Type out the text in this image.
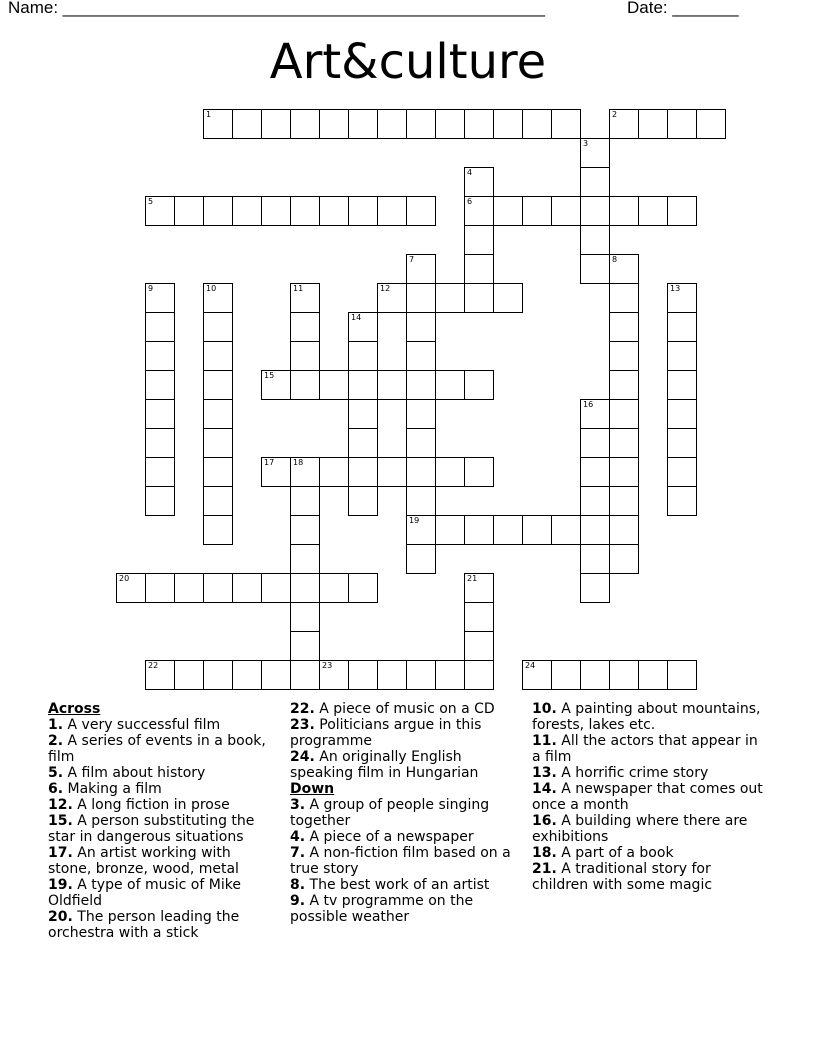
Name: ___________________________________________________	Date: _______
Art&culture
1	2
3
4
6
5
7
19
8
9	10	11	12	13
14
15
16
17 18
20	21
22	23	24
Across
1. A very successful film
2. A series of events in a book, film
5. A film about history
6. Making a film
12. A long fiction in prose
15. A person substituting the star in dangerous situations
17. An artist working with stone, bronze, wood, metal
19. A type of music of Mike Oldfield
20. The person leading the orchestra with a stick
22. A piece of music on a CD
23. Politicians argue in this programme
24. An originally English speaking film in Hungarian
Down
3. A group of people singing together
4. A piece of a newspaper
7. A non-fiction film based on a true story
8. The best work of an artist
9. A tv programme on the possible weather
10. A painting about mountains, forests, lakes etc.
11. All the actors that appear in a film
13. A horrific crime story
14. A newspaper that comes out once a month
16. A building where there are exhibitions
18. A part of a book
21. A traditional story for children with some magic
